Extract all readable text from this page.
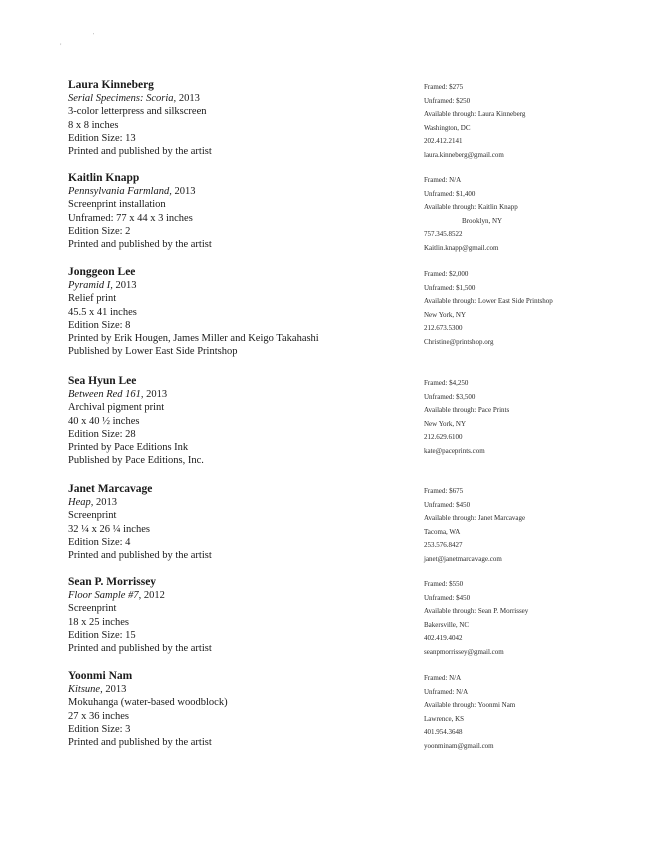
,
'
Laura Kinneberg
Serial Specimens: Scoria, 2013
3-color letterpress and silkscreen
8 x 8 inches
Edition Size: 13
Printed and published by the artist
Framed: $275
Unframed: $250
Available through: Laura Kinneberg
Washington, DC
202.412.2141
laura.kinneberg@gmail.com
Kaitlin Knapp
Pennsylvania Farmland, 2013
Screenprint installation
Unframed: 77 x 44 x 3 inches
Edition Size: 2
Printed and published by the artist
Framed: N/A
Unframed: $1,400
Available through: Kaitlin Knapp
Brooklyn, NY
757.345.8522
Kaitlin.knapp@gmail.com
Jonggeon Lee
Pyramid I, 2013
Relief print
45.5 x 41 inches
Edition Size: 8
Printed by Erik Hougen, James Miller and Keigo Takahashi
Published by Lower East Side Printshop
Framed: $2,000
Unframed: $1,500
Available through: Lower East Side Printshop
New York, NY
212.673.5300
Christine@printshop.org
Sea Hyun Lee
Between Red 161, 2013
Archival pigment print
40 x 40 ½ inches
Edition Size: 28
Printed by Pace Editions Ink
Published by Pace Editions, Inc.
Framed: $4,250
Unframed: $3,500
Available through: Pace Prints
New York, NY
212.629.6100
kate@paceprints.com
Janet Marcavage
Heap, 2013
Screenprint
32 ¼ x 26 ¼ inches
Edition Size: 4
Printed and published by the artist
Framed: $675
Unframed: $450
Available through: Janet Marcavage
Tacoma, WA
253.576.8427
janet@janetmarcavage.com
Sean P. Morrissey
Floor Sample #7, 2012
Screenprint
18 x 25 inches
Edition Size: 15
Printed and published by the artist
Framed: $550
Unframed: $450
Available through: Sean P. Morrissey
Bakersville, NC
402.419.4042
seanpmorrissey@gmail.com
Yoonmi Nam
Kitsune, 2013
Mokuhanga (water-based woodblock)
27 x 36 inches
Edition Size: 3
Printed and published by the artist
Framed: N/A
Unframed: N/A
Available through: Yoonmi Nam
Lawrence, KS
401.954.3648
yoonminam@gmail.com
